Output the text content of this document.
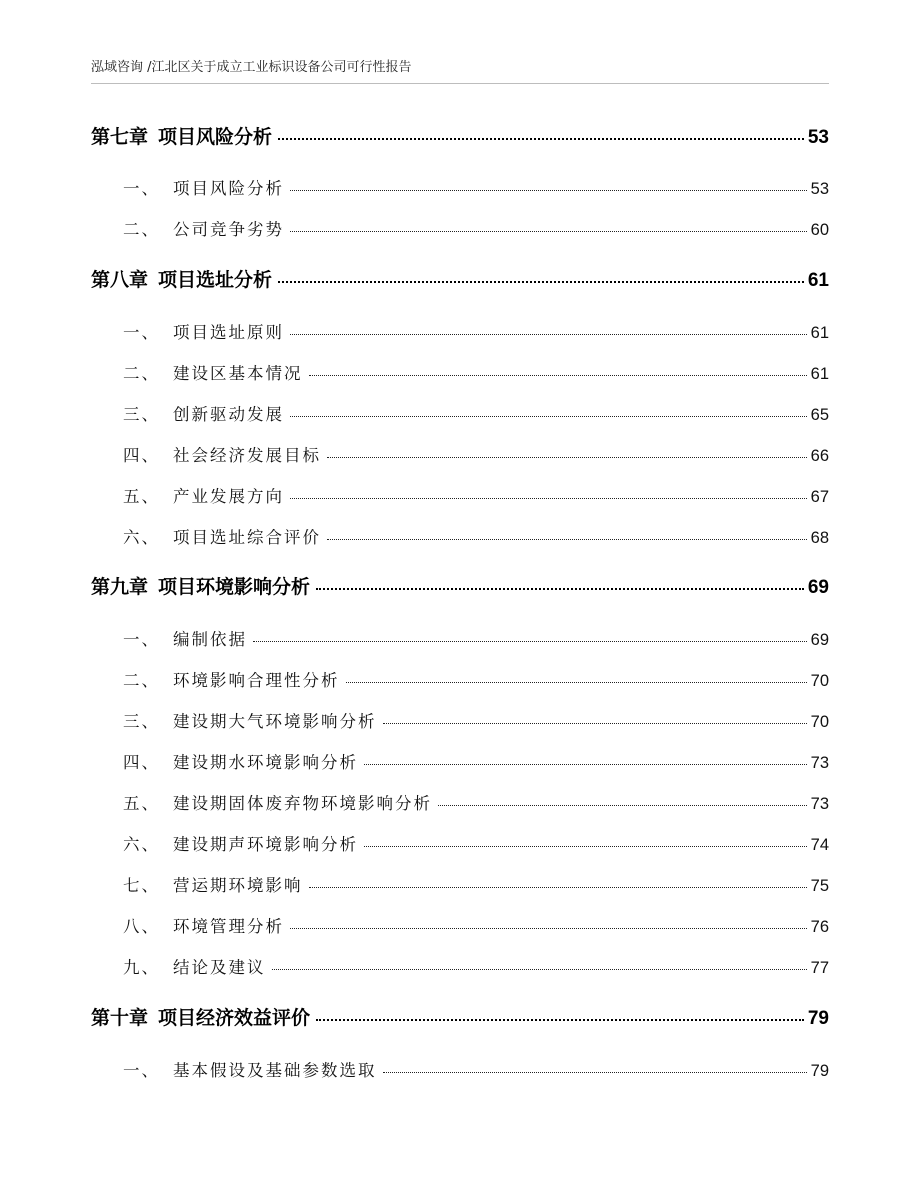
泓域咨询 /江北区关于成立工业标识设备公司可行性报告
第七章 项目风险分析	53
一、 项目风险分析	53
二、 公司竞争劣势	60
第八章 项目选址分析	61
一、 项目选址原则	61
二、 建设区基本情况	61
三、 创新驱动发展	65
四、 社会经济发展目标	66
五、 产业发展方向	67
六、 项目选址综合评价	68
第九章 项目环境影响分析	69
一、 编制依据	69
二、 环境影响合理性分析	70
三、 建设期大气环境影响分析	70
四、 建设期水环境影响分析	73
五、 建设期固体废弃物环境影响分析	73
六、 建设期声环境影响分析	74
七、 营运期环境影响	75
八、 环境管理分析	76
九、 结论及建议	77
第十章 项目经济效益评价	79
一、 基本假设及基础参数选取	79
